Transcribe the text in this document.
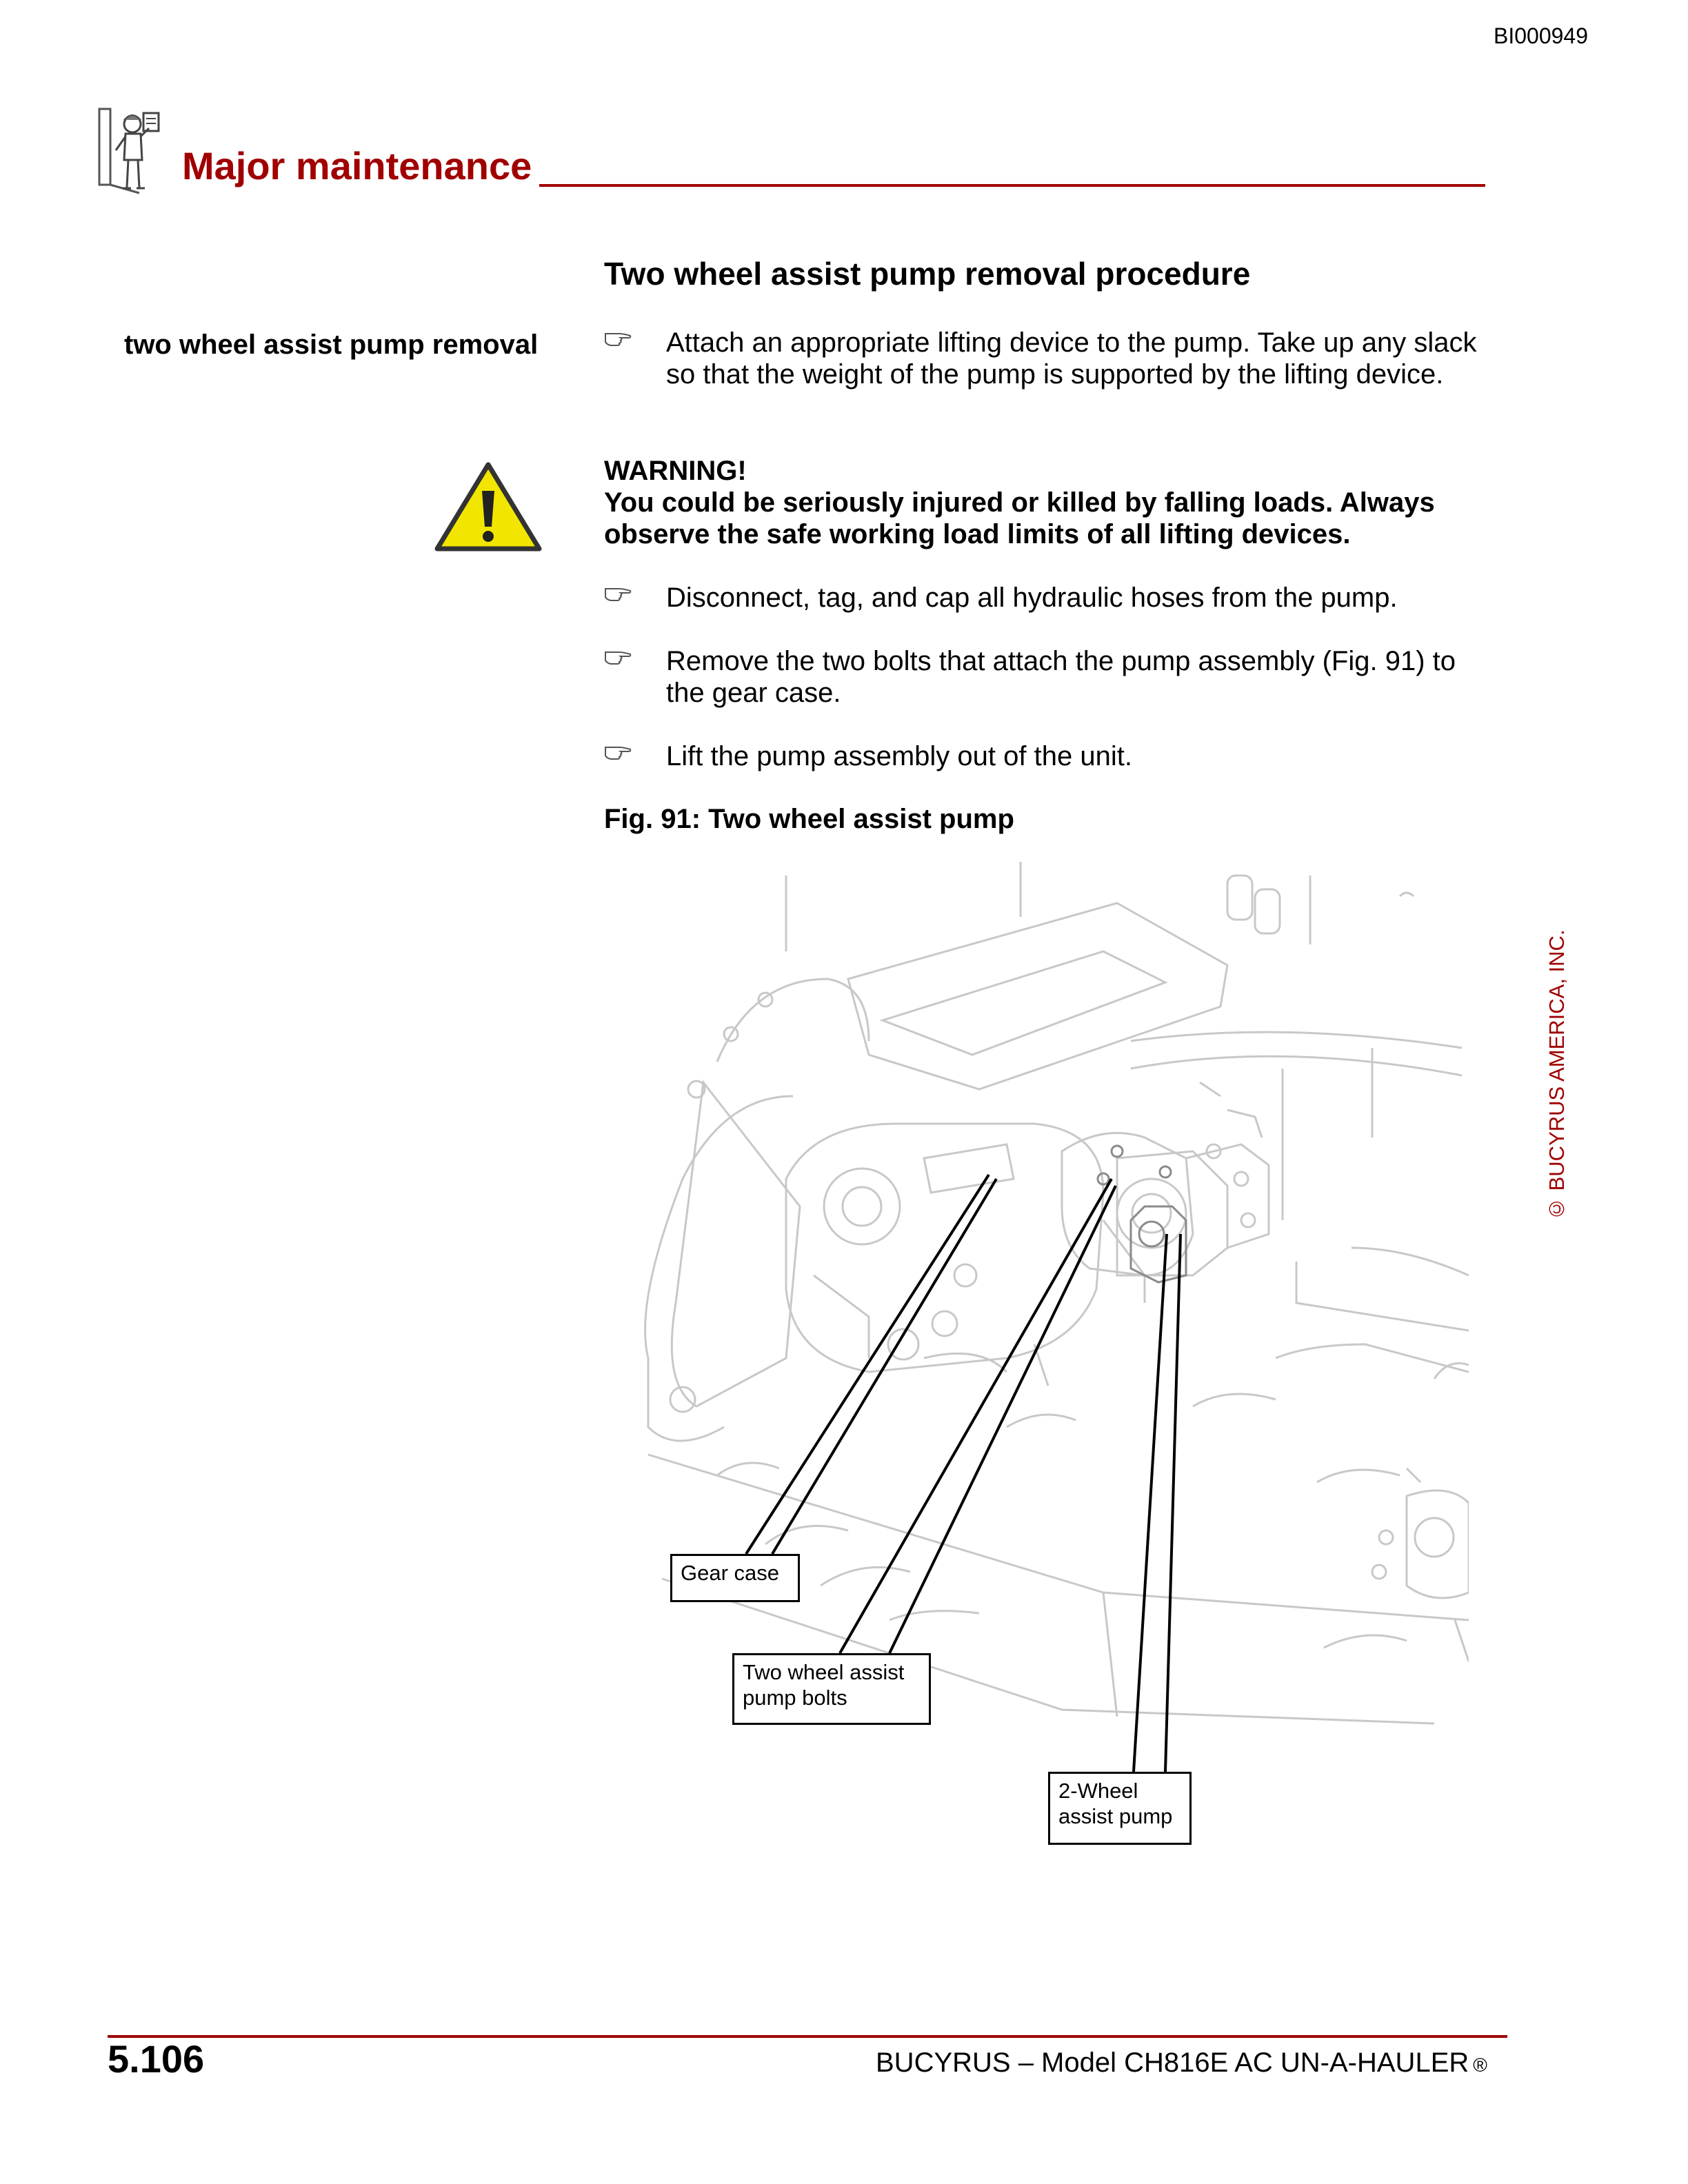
BI000949
Major maintenance
Two wheel assist pump removal procedure
two wheel assist pump removal	Attach an appropriate lifting device to the pump. Take up any slack so that the weight of the pump is supported by the lifting device.
WARNING!
You could be seriously injured or killed by falling loads. Always observe the safe working load limits of all lifting devices.
Disconnect, tag, and cap all hydraulic hoses from the pump.
Remove the two bolts that attach the pump assembly (Fig. 91) to the gear case.
Lift the pump assembly out of the unit.
Fig. 91: Two wheel assist pump
Gear case
Two wheel assist pump bolts
2-Wheel assist pump
© BUCYRUS AMERICA, INC.
5.106	BUCYRUS – Model CH816E AC UN-A-HAULER ®
